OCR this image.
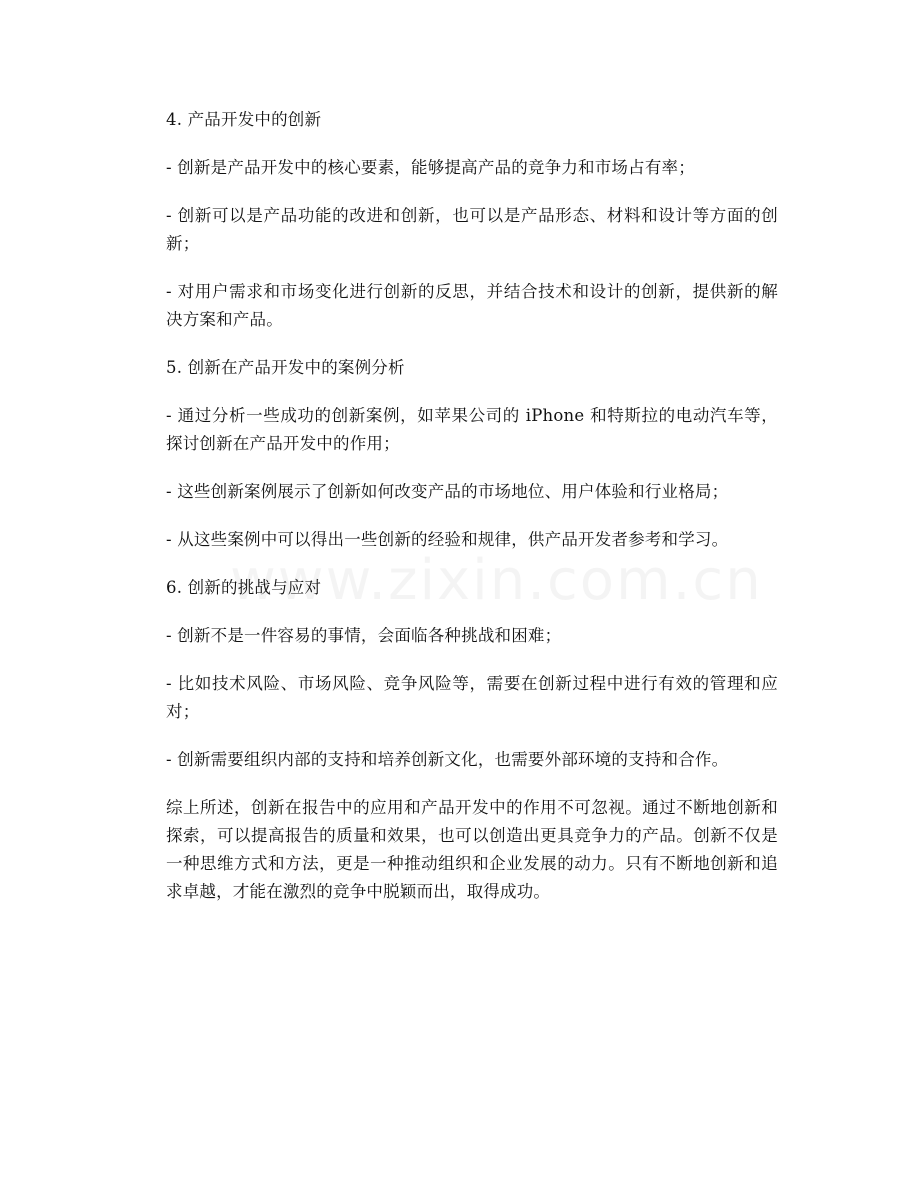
4. 产品开发中的创新

- 创新是产品开发中的核心要素，能够提高产品的竞争力和市场占有率；

- 创新可以是产品功能的改进和创新，也可以是产品形态、材料和设计等方面的创新；

- 对用户需求和市场变化进行创新的反思，并结合技术和设计的创新，提供新的解决方案和产品。

5. 创新在产品开发中的案例分析

- 通过分析一些成功的创新案例，如苹果公司的 iPhone 和特斯拉的电动汽车等，探讨创新在产品开发中的作用；

- 这些创新案例展示了创新如何改变产品的市场地位、用户体验和行业格局；

- 从这些案例中可以得出一些创新的经验和规律，供产品开发者参考和学习。

6. 创新的挑战与应对

- 创新不是一件容易的事情，会面临各种挑战和困难；

- 比如技术风险、市场风险、竞争风险等，需要在创新过程中进行有效的管理和应对；

- 创新需要组织内部的支持和培养创新文化，也需要外部环境的支持和合作。

综上所述，创新在报告中的应用和产品开发中的作用不可忽视。通过不断地创新和探索，可以提高报告的质量和效果，也可以创造出更具竞争力的产品。创新不仅是一种思维方式和方法，更是一种推动组织和企业发展的动力。只有不断地创新和追求卓越，才能在激烈的竞争中脱颖而出，取得成功。
